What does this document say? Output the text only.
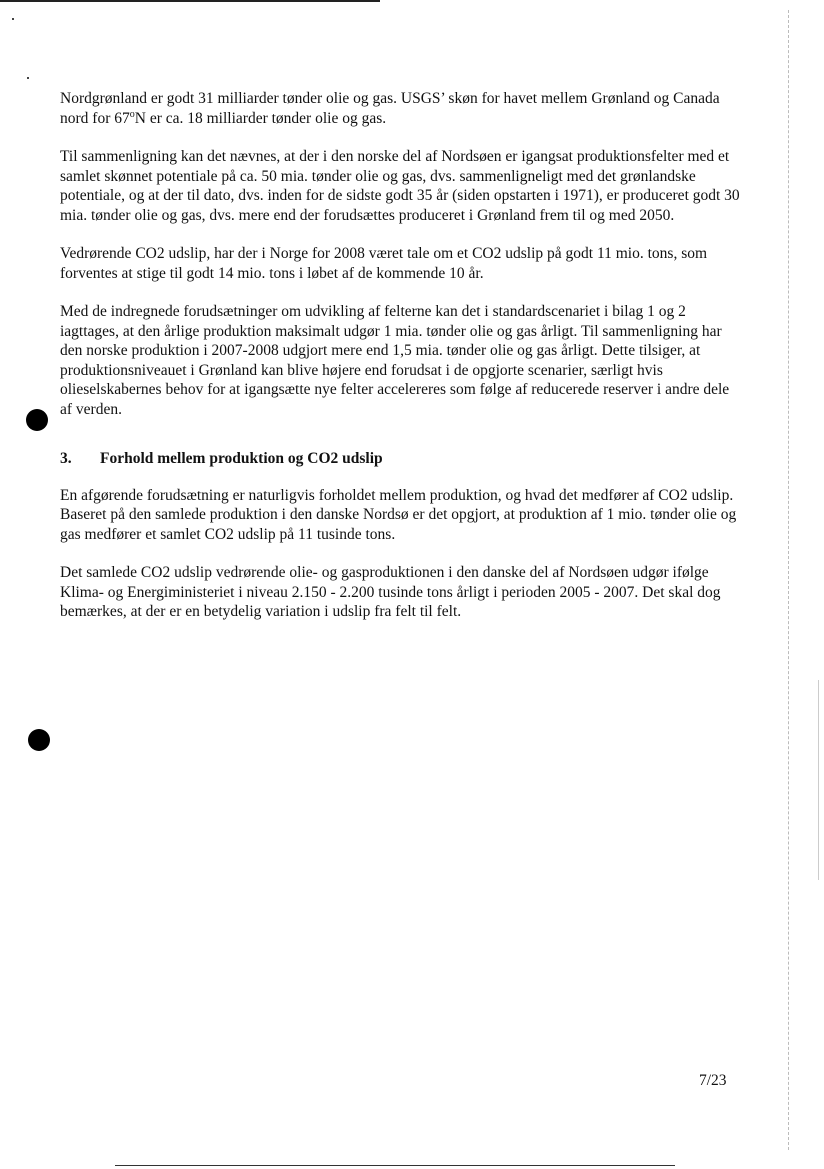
Nordgrønland er godt 31 milliarder tønder olie og gas. USGS’ skøn for havet mellem Grønland og Canada nord for 67$^o$N er ca. 18 milliarder tønder olie og gas.

Til sammenligning kan det nævnes, at der i den norske del af Nordsøen er igangsat produktionsfelter med et samlet skønnet potentiale på ca. 50 mia. tønder olie og gas, dvs. sammenligneligt med det grønlandske potentiale, og at der til dato, dvs. inden for de sidste godt 35 år (siden opstarten i 1971), er produceret godt 30 mia. tønder olie og gas, dvs. mere end der forudsættes produceret i Grønland frem til og med 2050.

Vedrørende CO2 udslip, har der i Norge for 2008 været tale om et CO2 udslip på godt 11 mio. tons, som forventes at stige til godt 14 mio. tons i løbet af de kommende 10 år.

Med de indregnede forudsætninger om udvikling af felterne kan det i standardscenariet i bilag 1 og 2 iagttages, at den årlige produktion maksimalt udgør 1 mia. tønder olie og gas årligt. Til sammenligning har den norske produktion i 2007-2008 udgjort mere end 1,5 mia. tønder olie og gas årligt. Dette tilsiger, at produktionsniveauet i Grønland kan blive højere end forudsat i de opgjorte scenarier, særligt hvis olieselskabernes behov for at igangsætte nye felter accelereres som følge af reducerede reserver i andre dele af verden.

3.	Forhold mellem produktion og CO2 udslip

En afgørende forudsætning er naturligvis forholdet mellem produktion, og hvad det medfører af CO2 udslip. Baseret på den samlede produktion i den danske Nordsø er det opgjort, at produktion af 1 mio. tønder olie og gas medfører et samlet CO2 udslip på 11 tusinde tons.

Det samlede CO2 udslip vedrørende olie- og gasproduktionen i den danske del af Nordsøen udgør ifølge Klima- og Energiministeriet i niveau 2.150 - 2.200 tusinde tons årligt i perioden 2005 - 2007. Det skal dog bemærkes, at der er en betydelig variation i udslip fra felt til felt.

7/23
